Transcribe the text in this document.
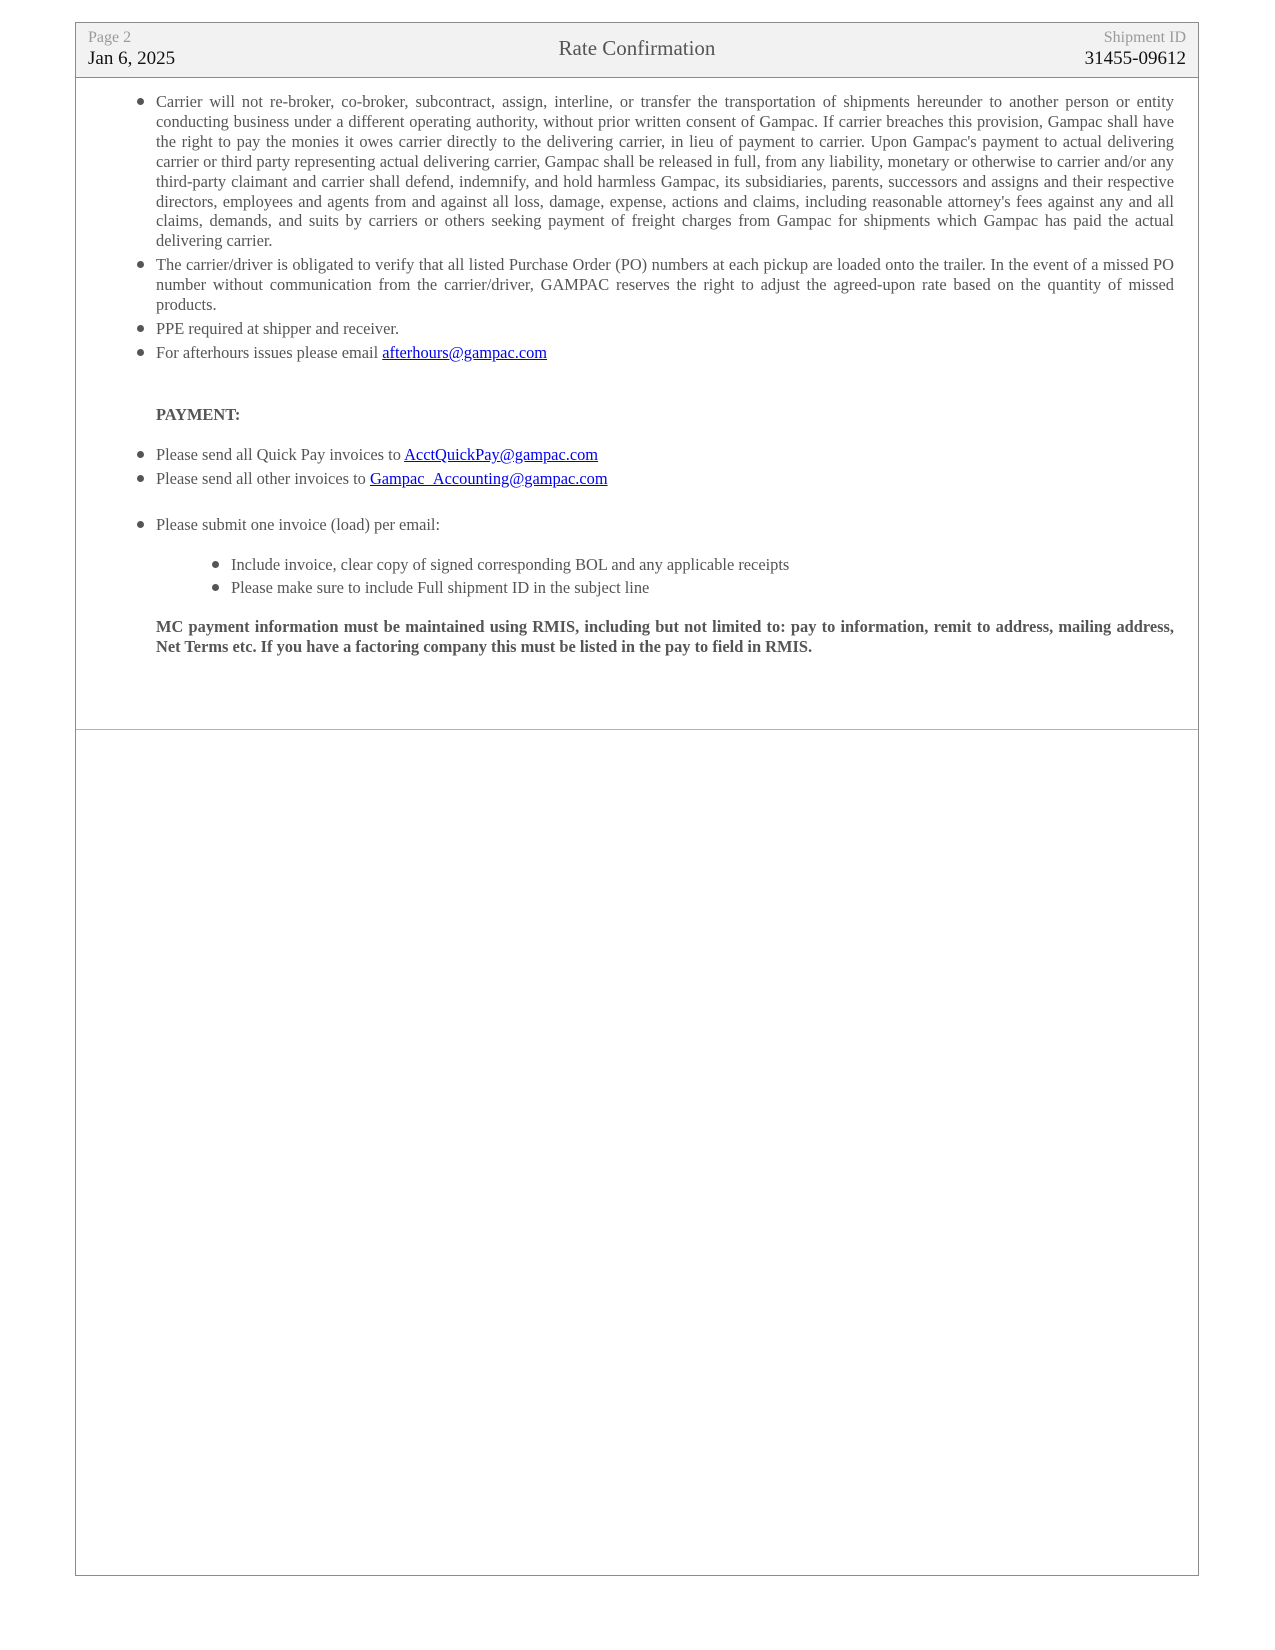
Page 2
Jan 6, 2025	Rate Confirmation	Shipment ID
31455-09612
Carrier will not re-broker, co-broker, subcontract, assign, interline, or transfer the transportation of shipments hereunder to another person or entity conducting business under a different operating authority, without prior written consent of Gampac. If carrier breaches this provision, Gampac shall have the right to pay the monies it owes carrier directly to the delivering carrier, in lieu of payment to carrier. Upon Gampac's payment to actual delivering carrier or third party representing actual delivering carrier, Gampac shall be released in full, from any liability, monetary or otherwise to carrier and/or any third-party claimant and carrier shall defend, indemnify, and hold harmless Gampac, its subsidiaries, parents, successors and assigns and their respective directors, employees and agents from and against all loss, damage, expense, actions and claims, including reasonable attorney's fees against any and all claims, demands, and suits by carriers or others seeking payment of freight charges from Gampac for shipments which Gampac has paid the actual delivering carrier.
The carrier/driver is obligated to verify that all listed Purchase Order (PO) numbers at each pickup are loaded onto the trailer. In the event of a missed PO number without communication from the carrier/driver, GAMPAC reserves the right to adjust the agreed-upon rate based on the quantity of missed products.
PPE required at shipper and receiver.
For afterhours issues please email afterhours@gampac.com
PAYMENT:
Please send all Quick Pay invoices to AcctQuickPay@gampac.com
Please send all other invoices to Gampac_Accounting@gampac.com
Please submit one invoice (load) per email:
Include invoice, clear copy of signed corresponding BOL and any applicable receipts
Please make sure to include Full shipment ID in the subject line
MC payment information must be maintained using RMIS, including but not limited to: pay to information, remit to address, mailing address, Net Terms etc. If you have a factoring company this must be listed in the pay to field in RMIS.
